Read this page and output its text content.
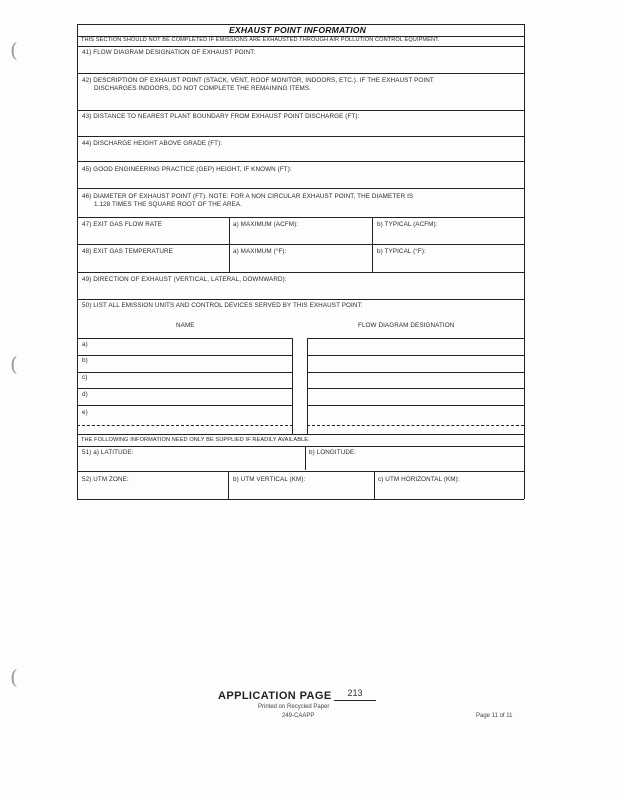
(
(
(
EXHAUST POINT INFORMATION
THIS SECTION SHOULD NOT BE COMPLETED IF EMISSIONS ARE EXHAUSTED THROUGH AIR POLLUTION CONTROL EQUIPMENT.
41) FLOW DIAGRAM DESIGNATION OF EXHAUST POINT:
42) DESCRIPTION OF EXHAUST POINT (STACK, VENT, ROOF MONITOR, INDOORS, ETC.). IF THE EXHAUST POINT
DISCHARGES INDOORS, DO NOT COMPLETE THE REMAINING ITEMS.
43) DISTANCE TO NEAREST PLANT BOUNDARY FROM EXHAUST POINT DISCHARGE (FT):
44) DISCHARGE HEIGHT ABOVE GRADE (FT):
45) GOOD ENGINEERING PRACTICE (GEP) HEIGHT, IF KNOWN (FT):
46) DIAMETER OF EXHAUST POINT (FT). NOTE: FOR A NON CIRCULAR EXHAUST POINT, THE DIAMETER IS
1.128 TIMES THE SQUARE ROOT OF THE AREA.
47) EXIT GAS FLOW RATE	a) MAXIMUM (ACFM):	b) TYPICAL (ACFM):
48) EXIT GAS TEMPERATURE	a) MAXIMUM (°F):	b) TYPICAL (°F):
49) DIRECTION OF EXHAUST (VERTICAL, LATERAL, DOWNWARD):
50) LIST ALL EMISSION UNITS AND CONTROL DEVICES SERVED BY THIS EXHAUST POINT:
NAME	FLOW DIAGRAM DESIGNATION
a)
b)
c)
d)
e)
THE FOLLOWING INFORMATION NEED ONLY BE SUPPLIED IF READILY AVAILABLE.
51) a) LATITUDE:	b) LONGITUDE:
52) UTM ZONE:	b) UTM VERTICAL (KM):	c) UTM HORIZONTAL (KM):
APPLICATION PAGE	213
Printed on Recycled Paper
249-CAAPP	Page 11 of 11
